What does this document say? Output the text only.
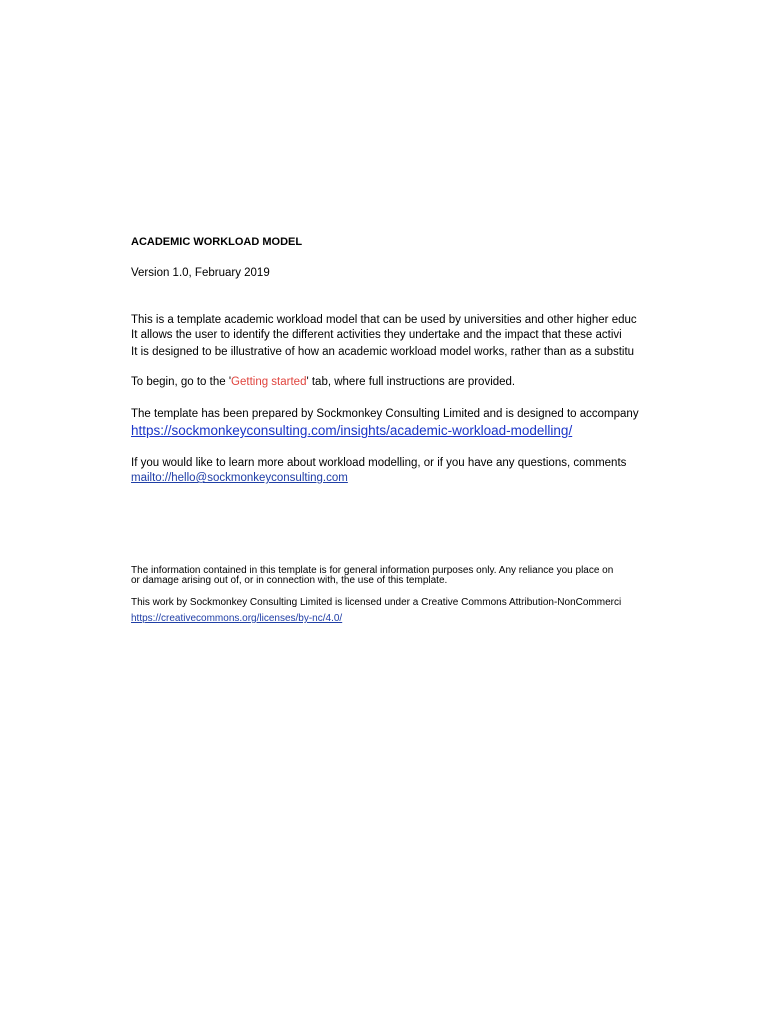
ACADEMIC WORKLOAD MODEL
Version 1.0, February 2019
This is a template academic workload model that can be used by universities and other higher educ
It allows the user to identify the different activities they undertake and the impact that these activi
It is designed to be illustrative of how an academic workload model works, rather than as a substitu
To begin, go to the 'Getting started' tab, where full instructions are provided.
The template has been prepared by Sockmonkey Consulting Limited and is designed to accompany
https://sockmonkeyconsulting.com/insights/academic-workload-modelling/
If you would like to learn more about workload modelling, or if you have any questions, comments
mailto://hello@sockmonkeyconsulting.com
The information contained in this template is for general information purposes only. Any reliance you place on
or damage arising out of, or in connection with, the use of this template.
This work by Sockmonkey Consulting Limited is licensed under a Creative Commons Attribution-NonCommerci
https://creativecommons.org/licenses/by-nc/4.0/
